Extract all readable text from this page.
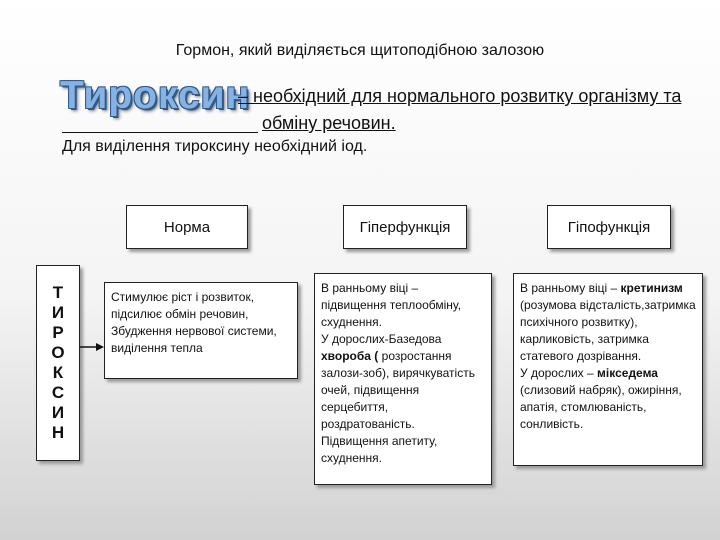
Гормон, який виділяється щитоподібною залозою
Тироксин
– необхідний для нормального розвитку організму та
обміну речовин.
Для виділення тироксину необхідний іод.
Норма	Гіперфункція	Гіпофункція
Т
И
Р
О
К
С
И
Н
Стимулює ріст і розвиток, підсилює обмін речовин, Збудження нервової системи, виділення тепла
В ранньому віці – підвищення теплообміну, схуднення.
У дорослих-Базедова хвороба ( розростання залози-зоб), вирячкуватість очей, підвищення серцебиття, роздратованість. Підвищення апетиту, схуднення.
В ранньому віці – кретинизм (розумова відсталість,затримка психічного розвитку), карликовість, затримка статевого дозрівання.
У дорослих – мікседема (слизовий набряк), ожиріння, апатія, стомлюваність, сонливість.
